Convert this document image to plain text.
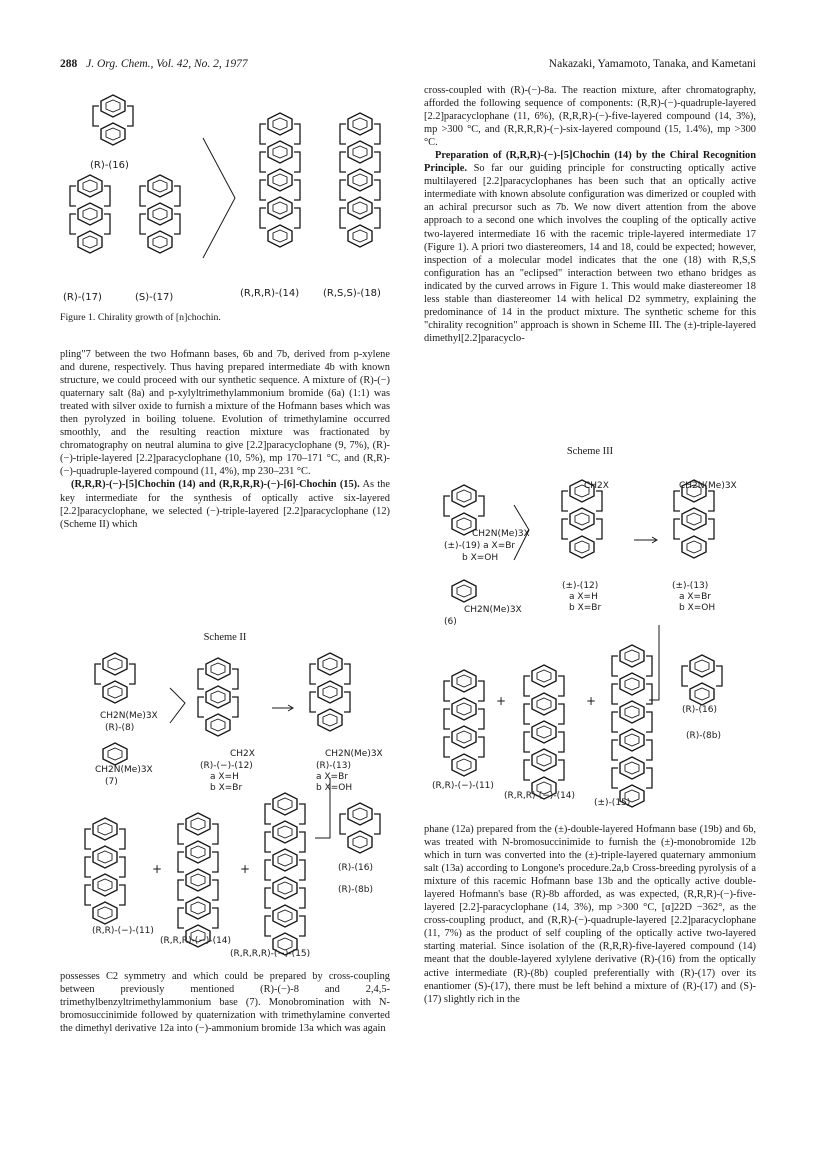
288 J. Org. Chem., Vol. 42, No. 2, 1977	Nakazaki, Yamamoto, Tanaka, and Kametani
(R)-(16)
(R)-(17)	(S)-(17)	(R,R,R)-(14) (R,S,S)-(18)
Figure 1. Chirality growth of [n]chochin.

pling"7 between the two Hofmann bases, 6b and 7b, derived from p-xylene and durene, respectively. Thus having prepared intermediate 4b with known structure, we could proceed with our synthetic sequence. A mixture of (R)-(−) quaternary salt (8a) and p-xylyltrimethylammonium bromide (6a) (1:1) was treated with silver oxide to furnish a mixture of the Hofmann bases which was then pyrolyzed in boiling toluene. Evolution of trimethylamine occurred smoothly, and the resulting reaction mixture was fractionated by chromatography on neutral alumina to give [2.2]paracyclophane (9, 7%), (R)-(−)-triple-layered [2.2]paracyclophane (10, 5%), mp 170–171 °C, and (R,R)-(−)-quadruple-layered compound (11, 4%), mp 230–231 °C.

(R,R,R)-(−)-[5]Chochin (14) and (R,R,R,R)-(−)-[6]-Chochin (15). As the key intermediate for the synthesis of optically active six-layered [2.2]paracyclophane, we selected (−)-triple-layered [2.2]paracyclophane (12) (Scheme II) which

Scheme II
CH2N(Me)3X
(R)-(8)
CH2N(Me)3X
(7)
CH2X
(R)-(−)-(12)
a X=H
b X=Br
CH2N(Me)3X
(R)-(13)
a X=Br
b X=OH
(R)-(16)
(R)-(8b)
(R,R)-(−)-(11)
(R,R,R)-(−)-(14)
(R,R,R,R)-(−)-(15)
+	+

possesses C2 symmetry and which could be prepared by cross-coupling between previously mentioned (R)-(−)-8 and 2,4,5-trimethylbenzyltrimethylammonium base (7). Monobromination with N-bromosuccinimide followed by quaternization with trimethylamine converted the dimethyl derivative 12a into (−)-ammonium bromide 13a which was again

cross-coupled with (R)-(−)-8a. The reaction mixture, after chromatography, afforded the following sequence of components: (R,R)-(−)-quadruple-layered [2.2]paracyclophane (11, 6%), (R,R,R)-(−)-five-layered compound (14, 3%), mp >300 °C, and (R,R,R,R)-(−)-six-layered compound (15, 1.4%), mp >300 °C.

Preparation of (R,R,R)-(−)-[5]Chochin (14) by the Chiral Recognition Principle. So far our guiding principle for constructing optically active multilayered [2.2]paracyclophanes has been such that an optically active intermediate with known absolute configuration was dimerized or coupled with an achiral precursor such as 7b. We now divert attention from the above approach to a second one which involves the coupling of the optically active two-layered intermediate 16 with the racemic triple-layered intermediate 17 (Figure 1). A priori two diastereomers, 14 and 18, could be expected; however, inspection of a molecular model indicates that the one (18) with R,S,S configuration has an "eclipsed" interaction between two ethano bridges as indicated by the curved arrows in Figure 1. This would make diastereomer 18 less stable than diastereomer 14 with helical D2 symmetry, explaining the predominance of 14 in the product mixture. The synthetic scheme for this "chirality recognition" approach is shown in Scheme III. The (±)-triple-layered dimethyl[2.2]paracyclo-

Scheme III
CH2N(Me)3X
(±)-(19) a X=Br
b X=OH
CH2N(Me)3X
(6)
CH2X
(±)-(12)
a X=H
b X=Br
CH2N(Me)3X
(±)-(13)
a X=Br
b X=OH
(R)-(16)
(R)-(8b)
(R,R)-(−)-(11)
(R,R,R)-(−)-(14)
(±)-(15)
+	+

phane (12a) prepared from the (±)-double-layered Hofmann base (19b) and 6b, was treated with N-bromosuccinimide to furnish the (±)-monobromide 12b which in turn was converted into the (±)-triple-layered quaternary ammonium salt (13a) according to Longone's procedure.2a,b Cross-breeding pyrolysis of a mixture of this racemic Hofmann base 13b and the optically active double-layered Hofmann's base (R)-8b afforded, as was expected, (R,R,R)-(−)-five-layered [2.2]-paracyclophane (14, 3%), mp >300 °C, [α]22D −362°, as the cross-coupling product, and (R,R)-(−)-quadruple-layered [2.2]paracyclophane (11, 7%) as the product of self coupling of the optically active two-layered starting material. Since isolation of the (R,R,R)-five-layered compound (14) meant that the double-layered xylylene derivative (R)-(16) from the optically active intermediate (R)-(8b) coupled preferentially with (R)-(17) over its enantiomer (S)-(17), there must be left behind a mixture of (R)-(17) and (S)-(17) slightly rich in the
